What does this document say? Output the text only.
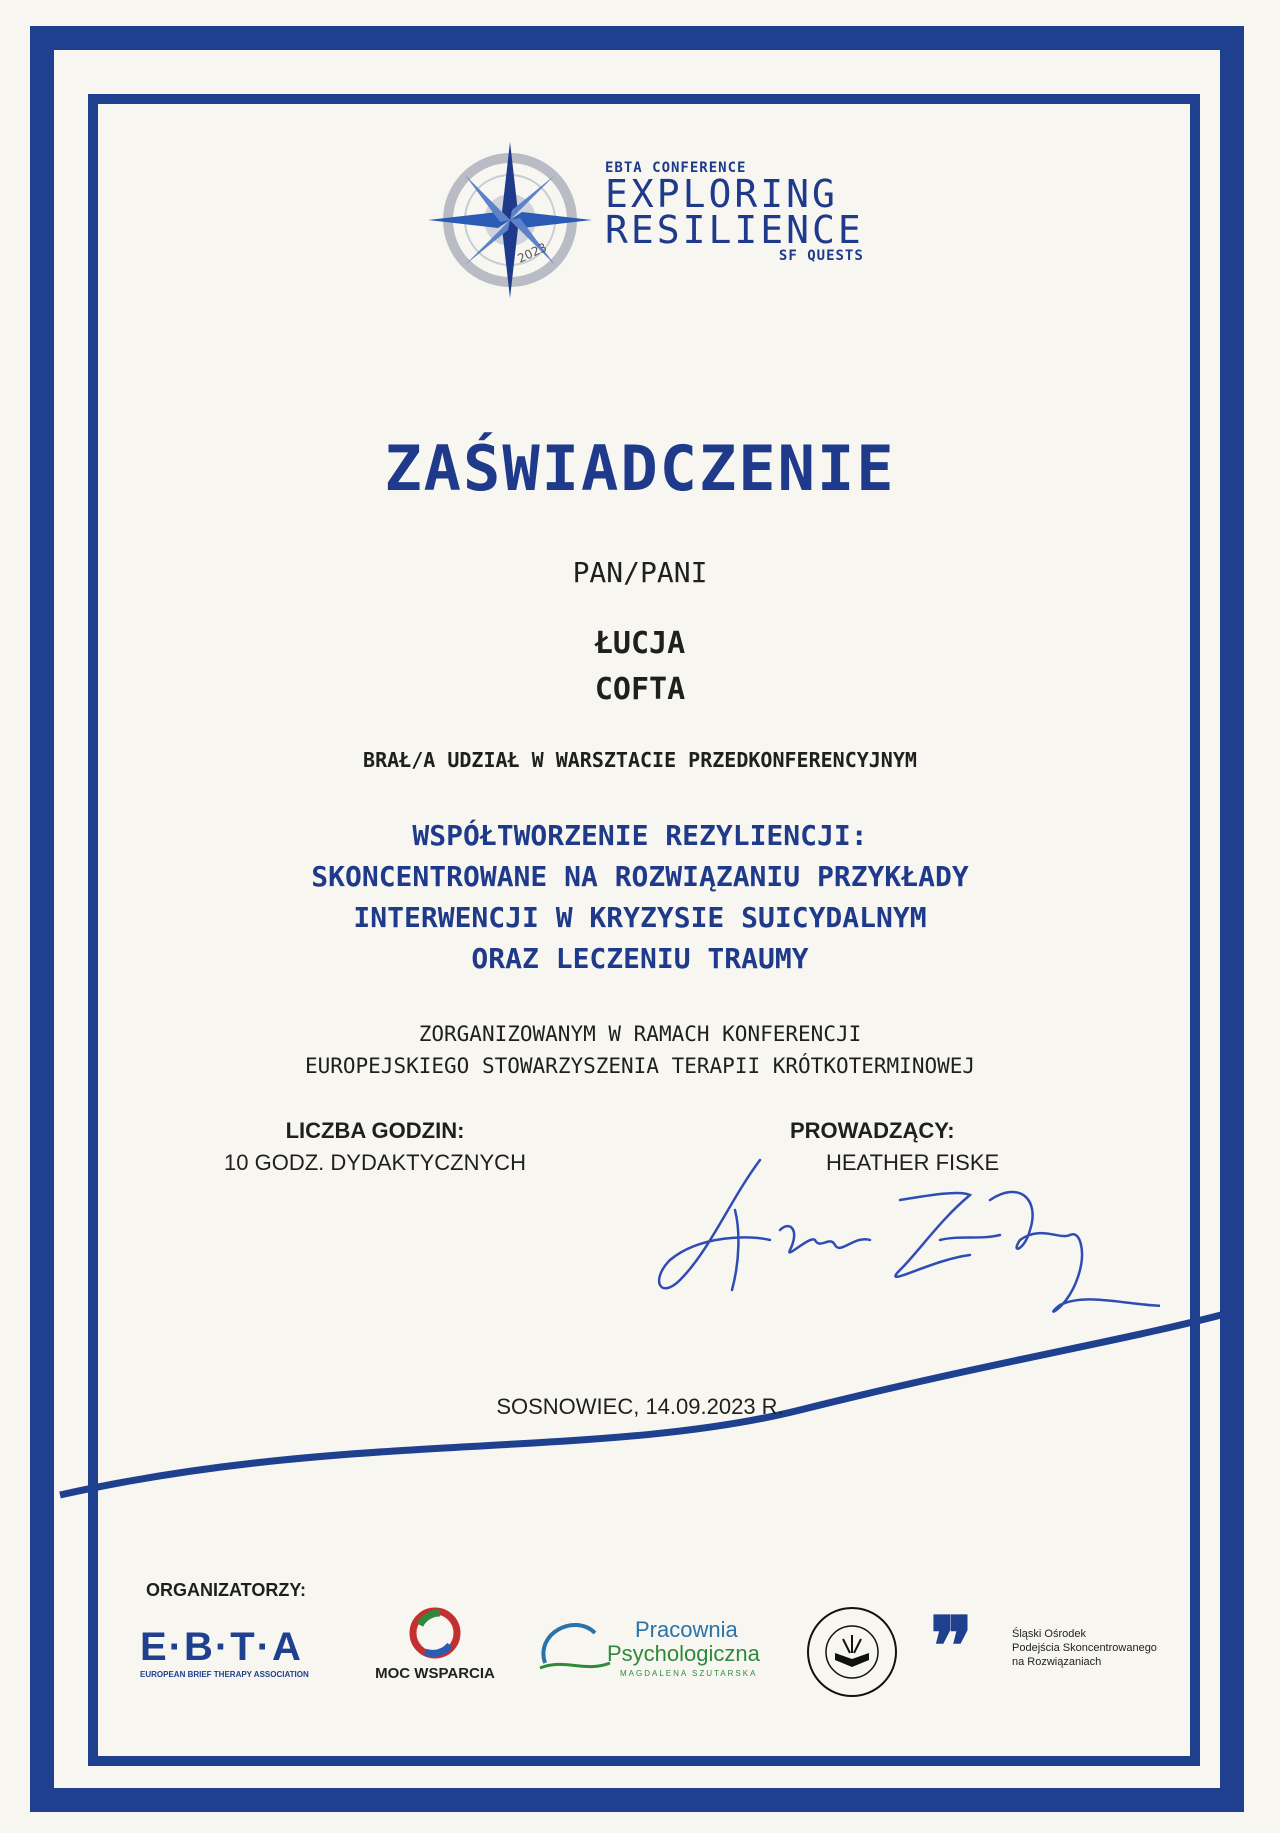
2023
EBTA CONFERENCE
EXPLORING
RESILIENCE
SF QUESTS
ZAŚWIADCZENIE
PAN/PANI
ŁUCJA
COFTA
BRAŁ/A UDZIAŁ W WARSZTACIE PRZEDKONFERENCYJNYM
WSPÓŁTWORZENIE REZYLIENCJI:
SKONCENTROWANE NA ROZWIĄZANIU PRZYKŁADY
INTERWENCJI W KRYZYSIE SUICYDALNYM
ORAZ LECZENIU TRAUMY
ZORGANIZOWANYM W RAMACH KONFERENCJI
EUROPEJSKIEGO STOWARZYSZENIA TERAPII KRÓTKOTERMINOWEJ
LICZBA GODZIN:
10 GODZ. DYDAKTYCZNYCH
PROWADZĄCY:
HEATHER FISKE
SOSNOWIEC, 14.09.2023 R.
ORGANIZATORZY:
E·B·T·A
EUROPEAN BRIEF THERAPY ASSOCIATION	MOC WSPARCIA
Pracownia
Psychologiczna
MAGDALENA SZUTARSKA ❞	Śląski Ośrodek
Podejścia Skoncentrowanego
na Rozwiązaniach
